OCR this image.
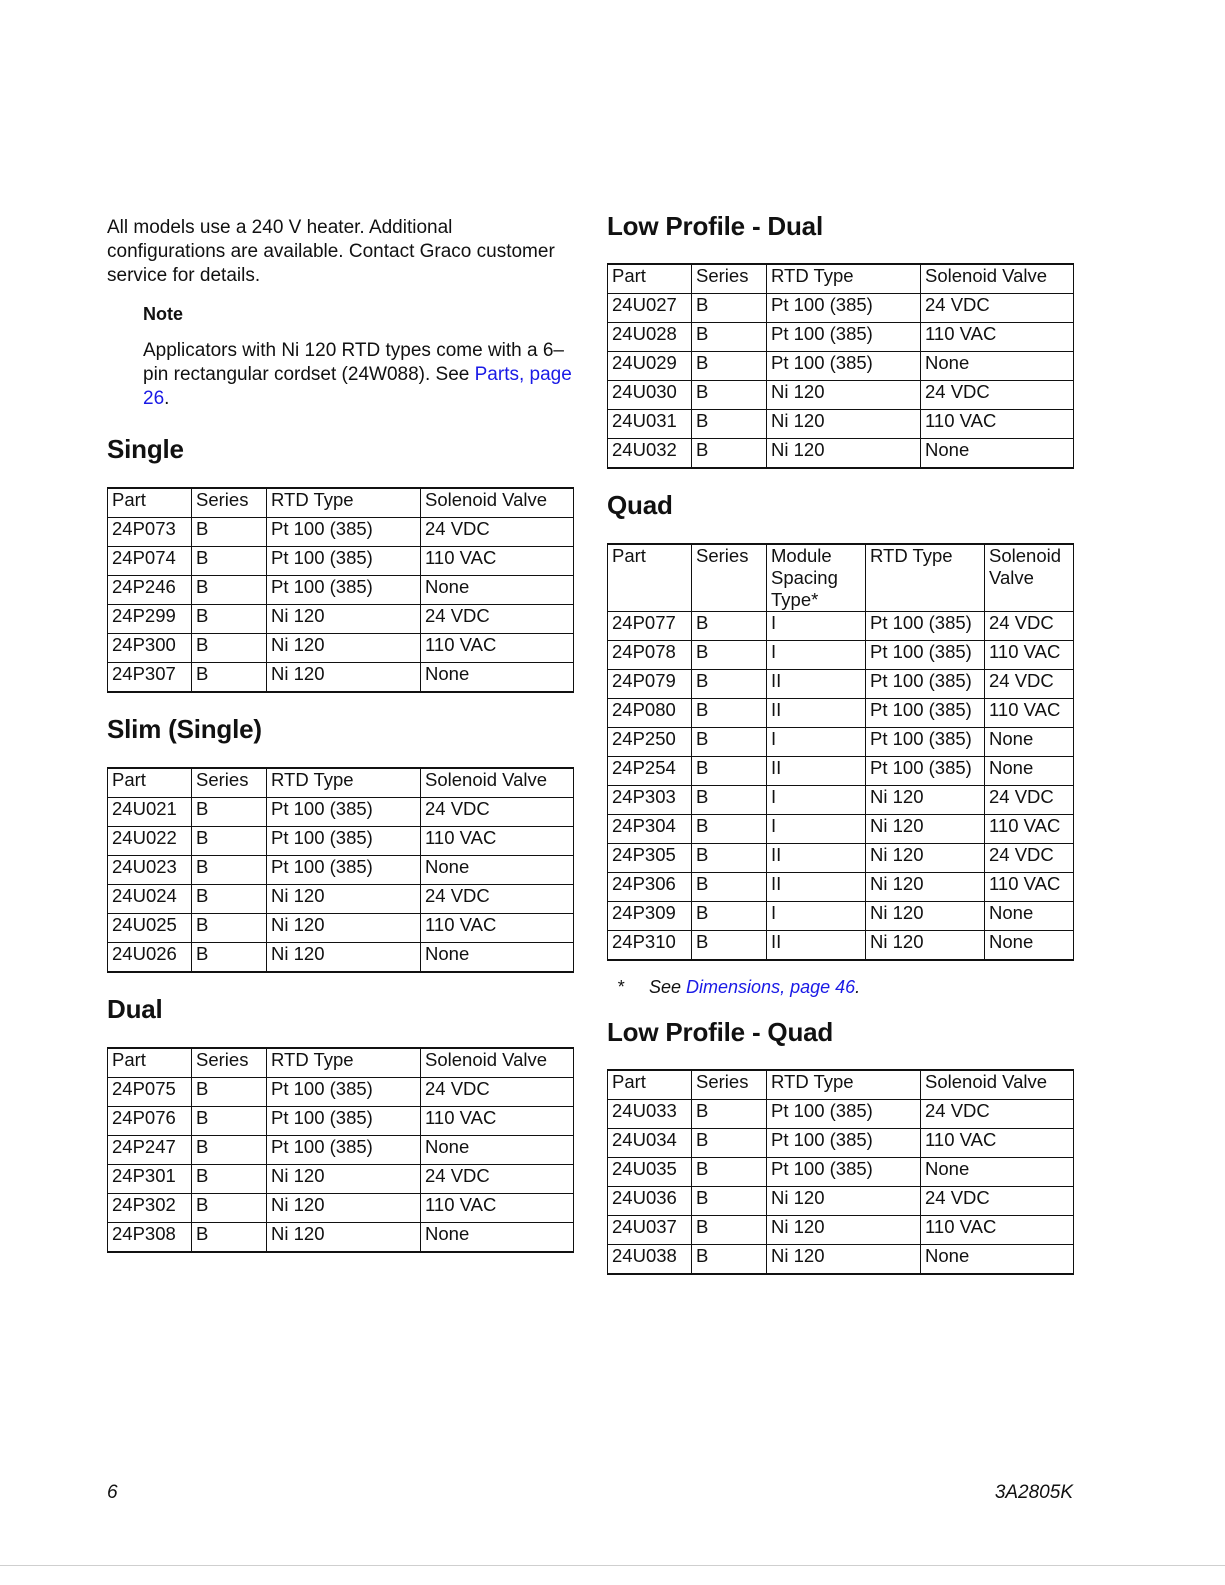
All models use a 240 V heater. Additional configurations are available. Contact Graco customer service for details.

Note
Applicators with Ni 120 RTD types come with a 6–pin rectangular cordset (24W088). See Parts, page 26.
Single
Part	Series	RTD Type	Solenoid Valve
24P073	B	Pt 100 (385)	24 VDC
24P074	B	Pt 100 (385)	110 VAC
24P246	B	Pt 100 (385)	None
24P299	B	Ni 120	24 VDC
24P300	B	Ni 120	110 VAC
24P307	B	Ni 120	None
Slim (Single)
Part	Series	RTD Type	Solenoid Valve
24U021	B	Pt 100 (385)	24 VDC
24U022	B	Pt 100 (385)	110 VAC
24U023	B	Pt 100 (385)	None
24U024	B	Ni 120	24 VDC
24U025	B	Ni 120	110 VAC
24U026	B	Ni 120	None
Dual
Part	Series	RTD Type	Solenoid Valve
24P075	B	Pt 100 (385)	24 VDC
24P076	B	Pt 100 (385)	110 VAC
24P247	B	Pt 100 (385)	None
24P301	B	Ni 120	24 VDC
24P302	B	Ni 120	110 VAC
24P308	B	Ni 120	None
Low Profile - Dual
Part	Series	RTD Type	Solenoid Valve
24U027	B	Pt 100 (385)	24 VDC
24U028	B	Pt 100 (385)	110 VAC
24U029	B	Pt 100 (385)	None
24U030	B	Ni 120	24 VDC
24U031	B	Ni 120	110 VAC
24U032	B	Ni 120	None
Quad
Part	Series	Module Spacing Type*	RTD Type	Solenoid Valve
24P077	B	I	Pt 100 (385)	24 VDC
24P078	B	I	Pt 100 (385)	110 VAC
24P079	B	II	Pt 100 (385)	24 VDC
24P080	B	II	Pt 100 (385)	110 VAC
24P250	B	I	Pt 100 (385)	None
24P254	B	II	Pt 100 (385)	None
24P303	B	I	Ni 120	24 VDC
24P304	B	I	Ni 120	110 VAC
24P305	B	II	Ni 120	24 VDC
24P306	B	II	Ni 120	110 VAC
24P309	B	I	Ni 120	None
24P310	B	II	Ni 120	None
* See Dimensions, page 46.
Low Profile - Quad
Part	Series	RTD Type	Solenoid Valve
24U033	B	Pt 100 (385)	24 VDC
24U034	B	Pt 100 (385)	110 VAC
24U035	B	Pt 100 (385)	None
24U036	B	Ni 120	24 VDC
24U037	B	Ni 120	110 VAC
24U038	B	Ni 120	None
6	3A2805K
